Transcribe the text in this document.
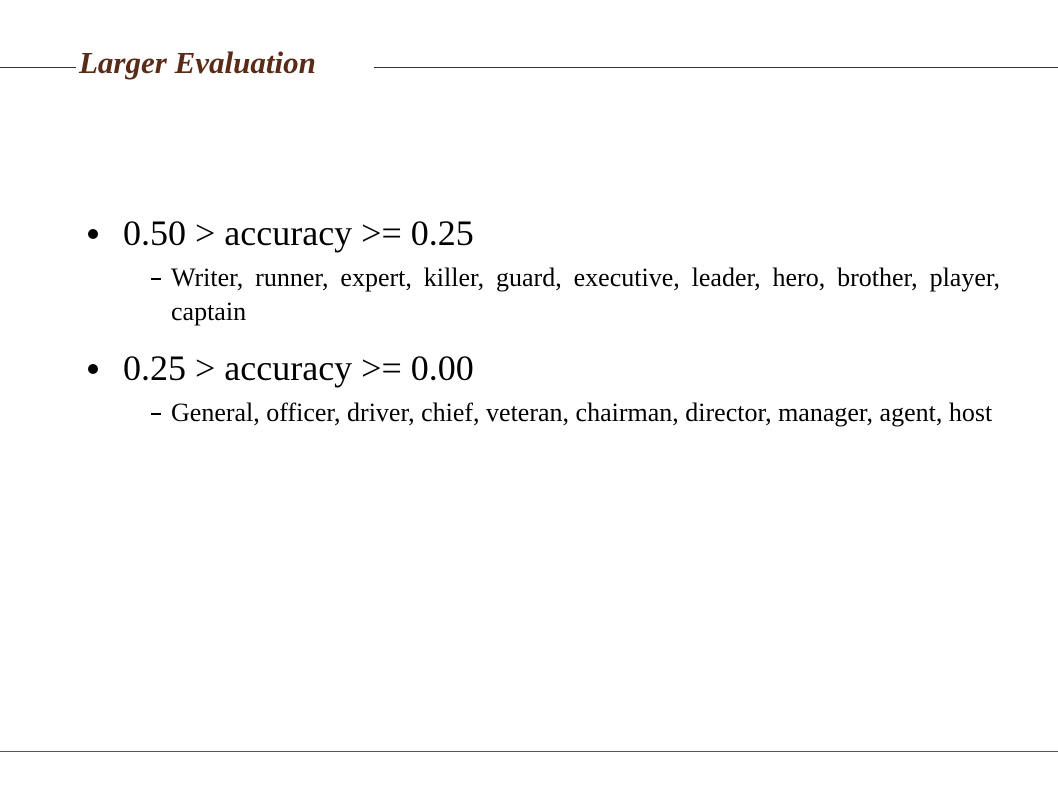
Larger Evaluation
0.50 > accuracy >= 0.25
Writer, runner, expert, killer, guard, executive, leader, hero, brother, player, captain
0.25 > accuracy >= 0.00
General, officer, driver, chief, veteran, chairman, director, manager, agent, host
